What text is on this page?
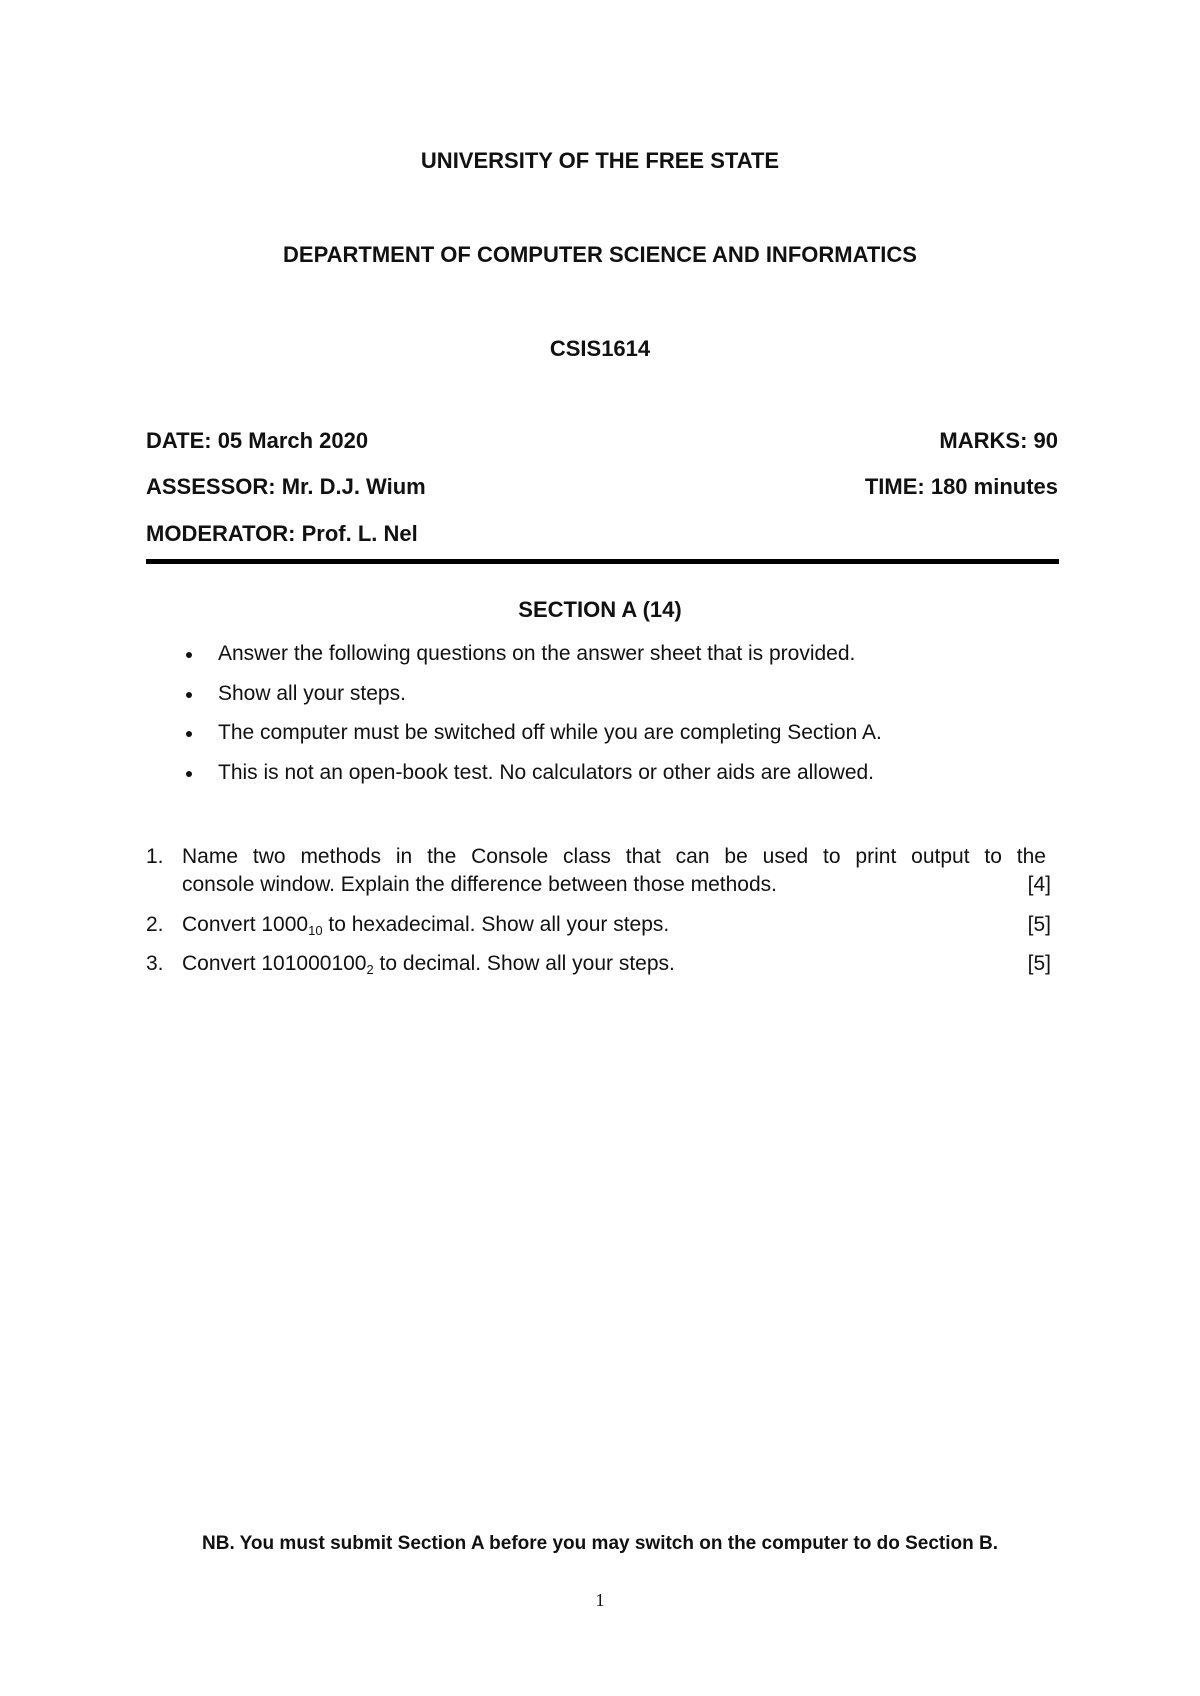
UNIVERSITY OF THE FREE STATE
DEPARTMENT OF COMPUTER SCIENCE AND INFORMATICS
CSIS1614
DATE: 05 March 2020	MARKS: 90
ASSESSOR: Mr. D.J. Wium	TIME: 180 minutes
MODERATOR: Prof. L. Nel
SECTION A (14)
Answer the following questions on the answer sheet that is provided.
Show all your steps.
The computer must be switched off while you are completing Section A.
This is not an open-book test. No calculators or other aids are allowed.
1. Name two methods in the Console class that can be used to print output to the
console window. Explain the difference between those methods.	[4]
2. Convert $1000_{10}$ to hexadecimal. Show all your steps.	[5]
3. Convert $101000100_2$ to decimal. Show all your steps.	[5]
NB. You must submit Section A before you may switch on the computer to do Section B.
1
